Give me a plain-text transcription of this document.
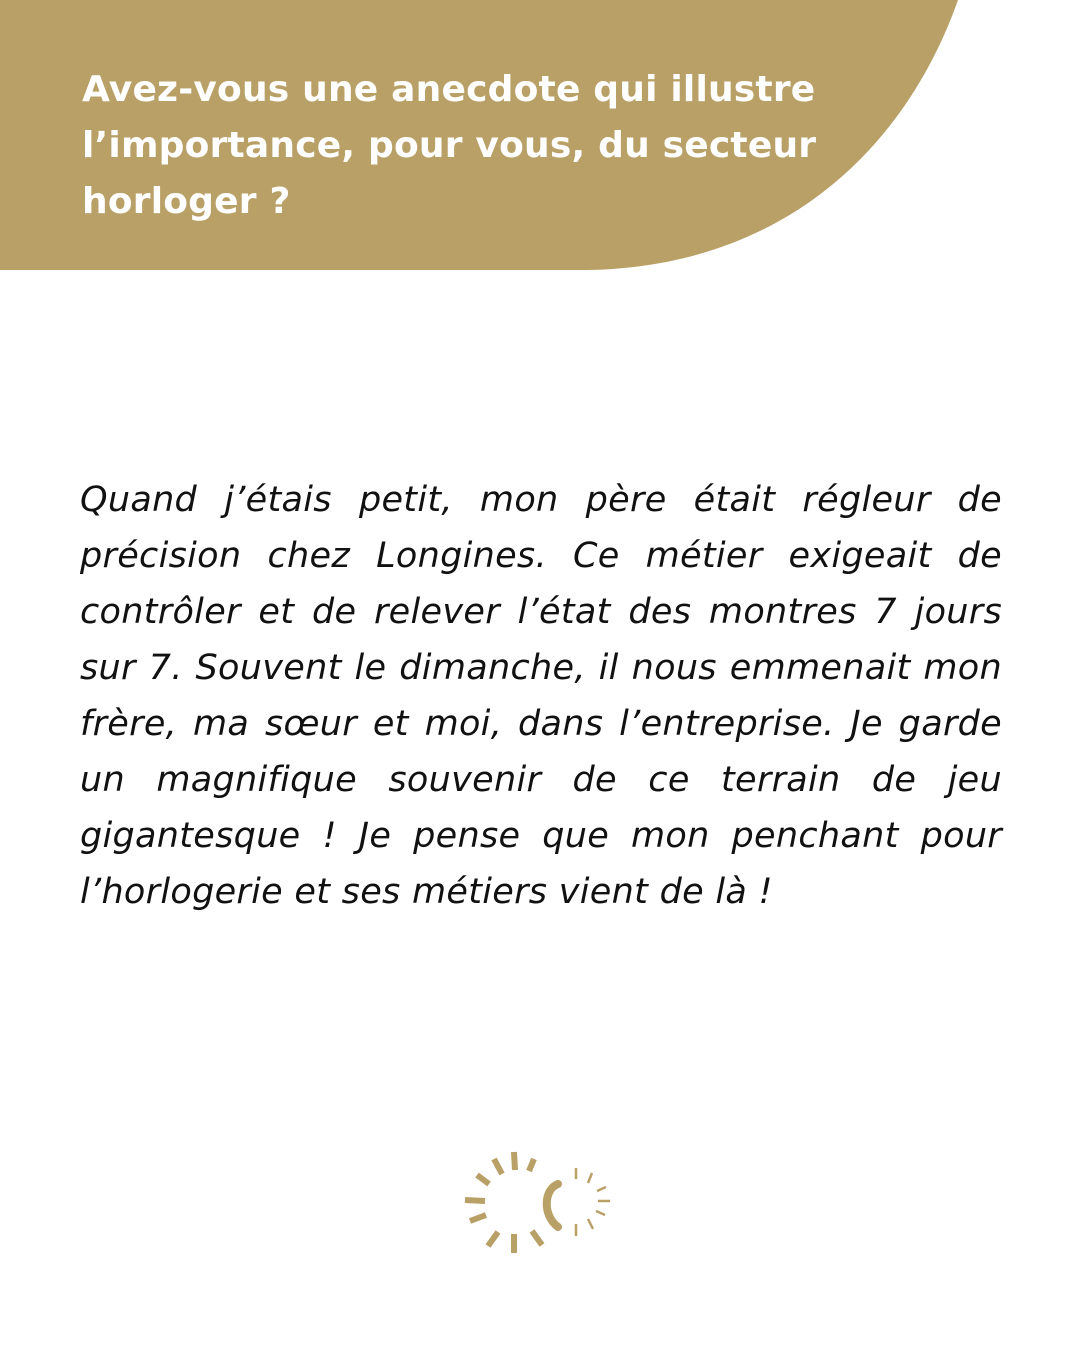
Avez-vous une anecdote qui illustre l’importance, pour vous, du secteur horloger ?

Quand j’étais petit, mon père était régleur de précision chez Longines. Ce métier exigeait de contrôler et de relever l’état des montres 7 jours sur 7. Souvent le dimanche, il nous emmenait mon frère, ma sœur et moi, dans l’entreprise. Je garde un magnifique souvenir de ce terrain de jeu gigantesque ! Je pense que mon penchant pour l’horlogerie et ses métiers vient de là !
